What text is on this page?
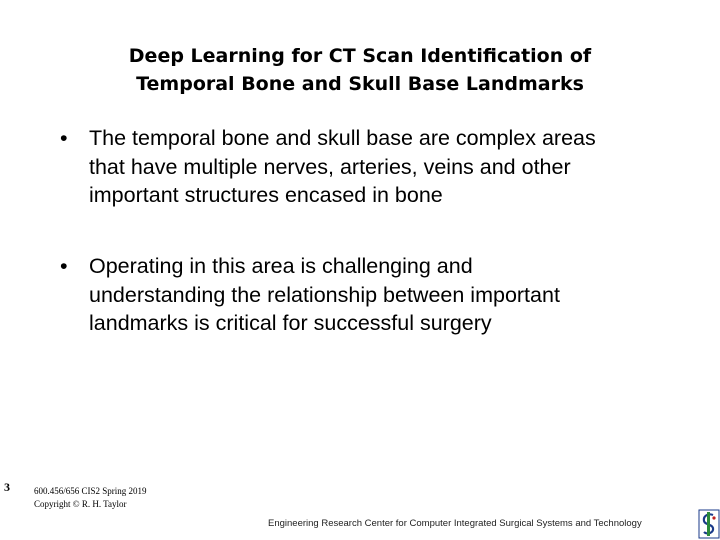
Deep Learning for CT Scan Identification of
Temporal Bone and Skull Base Landmarks
• The temporal bone and skull base are complex areas
that have multiple nerves, arteries, veins and other
important structures encased in bone
• Operating in this area is challenging and
understanding the relationship between important
landmarks is critical for successful surgery
3	600.456/656 CIS2 Spring 2019
Copyright © R. H. Taylor
Engineering Research Center for Computer Integrated Surgical Systems and Technology
